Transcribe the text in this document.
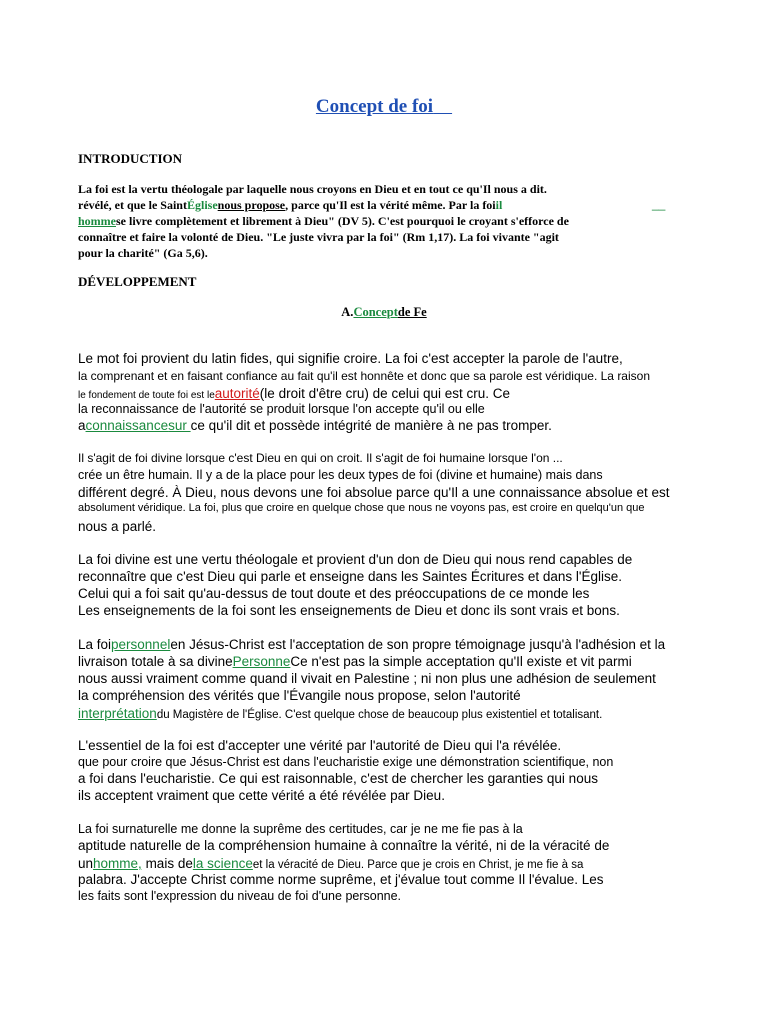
Concept de foi
INTRODUCTION
La foi est la vertu théologale par laquelle nous croyons en Dieu et en tout ce qu'Il nous a dit.
révélé, et que le SaintÉglisenous propose, parce qu'Il est la vérité même. Par la foiil
hommese livre complètement et librement à Dieu" (DV 5). C'est pourquoi le croyant s'efforce de
connaître et faire la volonté de Dieu. "Le juste vivra par la foi" (Rm 1,17). La foi vivante "agit
pour la charité" (Ga 5,6).
__
DÉVELOPPEMENT
A.Conceptde Fe
Le mot foi provient du latin fides, qui signifie croire. La foi c'est accepter la parole de l'autre,
la comprenant et en faisant confiance au fait qu'il est honnête et donc que sa parole est véridique. La raison
le fondement de toute foi est leautorité(le droit d'être cru) de celui qui est cru. Ce
la reconnaissance de l'autorité se produit lorsque l'on accepte qu'il ou elle
aconnaissancesur ce qu'il dit et possède intégrité de manière à ne pas tromper.
Il s'agit de foi divine lorsque c'est Dieu en qui on croit. Il s'agit de foi humaine lorsque l'on ...
crée un être humain. Il y a de la place pour les deux types de foi (divine et humaine) mais dans
différent degré. À Dieu, nous devons une foi absolue parce qu'Il a une connaissance absolue et est
absolument véridique. La foi, plus que croire en quelque chose que nous ne voyons pas, est croire en quelqu'un que
nous a parlé.
La foi divine est une vertu théologale et provient d'un don de Dieu qui nous rend capables de
reconnaître que c'est Dieu qui parle et enseigne dans les Saintes Écritures et dans l'Église.
Celui qui a foi sait qu'au-dessus de tout doute et des préoccupations de ce monde les
Les enseignements de la foi sont les enseignements de Dieu et donc ils sont vrais et bons.
La foipersonnelen Jésus-Christ est l'acceptation de son propre témoignage jusqu'à l'adhésion et la
livraison totale à sa divinePersonneCe n'est pas la simple acceptation qu'Il existe et vit parmi
nous aussi vraiment comme quand il vivait en Palestine ; ni non plus une adhésion de seulement
la compréhension des vérités que l'Évangile nous propose, selon l'autorité
interprétationdu Magistère de l'Église. C'est quelque chose de beaucoup plus existentiel et totalisant.
L'essentiel de la foi est d'accepter une vérité par l'autorité de Dieu qui l'a révélée.
que pour croire que Jésus-Christ est dans l'eucharistie exige une démonstration scientifique, non
a foi dans l'eucharistie. Ce qui est raisonnable, c'est de chercher les garanties qui nous
ils acceptent vraiment que cette vérité a été révélée par Dieu.
La foi surnaturelle me donne la suprême des certitudes, car je ne me fie pas à la
aptitude naturelle de la compréhension humaine à connaître la vérité, ni de la véracité de
unhomme, mais dela scienceet la véracité de Dieu. Parce que je crois en Christ, je me fie à sa
palabra. J'accepte Christ comme norme suprême, et j'évalue tout comme Il l'évalue. Les
les faits sont l'expression du niveau de foi d'une personne.
